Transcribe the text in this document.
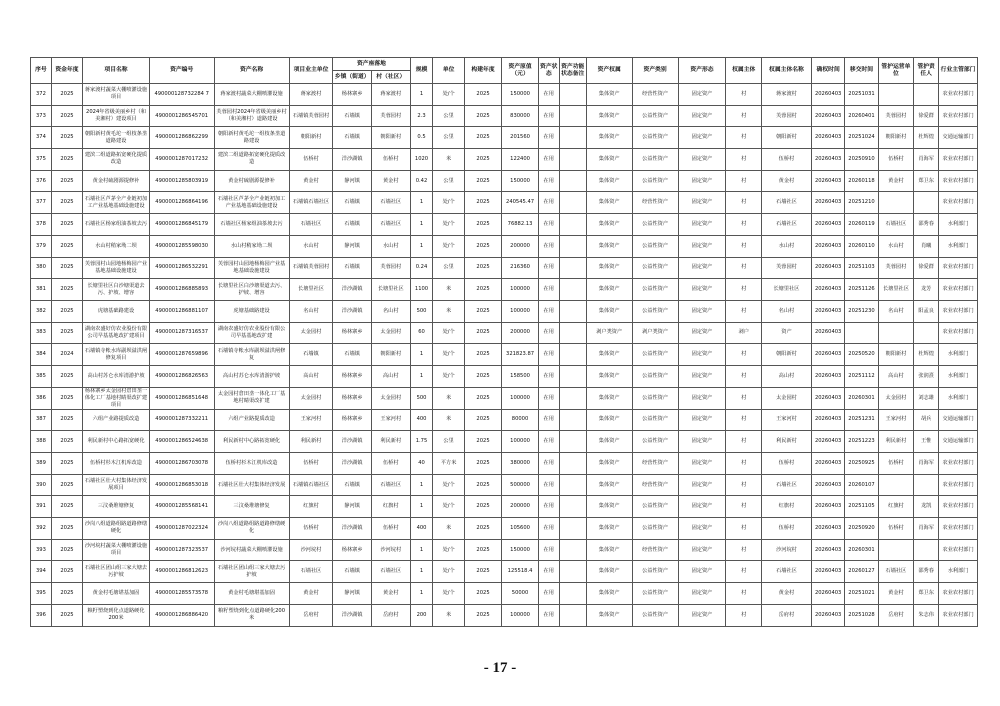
序号	资金年度	项目名称	资产编号	资产名称	项目业主单位	资产座落地		规模	单位	构建年度	资产原值（元）	资产状态	资产功能状态备注	资产权属	资产类别	资产形态	权属主体	权属主体名称	确权时间	移交时间	管护运营单位	管护责任人	行业主管部门
						乡镇（街道）	村（社区）																
372	2025	蒋家渡村蔬菜大棚喷灌设施项目	490000128732284 7	蒋家渡村蔬菜大棚喷灌设施	蒋家渡村	杨林寨乡	蒋家渡村	1	处/个	2025	150000	在用		集体资产	经营性资产	固定资产	村	蒋家渡村	20260403	20251031			农业农村部门
373	2025	2024年省级美丽乡村（和美湘村）建设项目	4900001286545701	芙蓉园村2024年省级美丽乡村（和美湘村）道路建设	石墙镇芙蓉园村	石墙镇	芙蓉园村	2.3	公里	2025	830000	在用		集体资产	公益性资产	固定资产	村	芙蓉园村	20260403	20260401	芙蓉园村	徐爱群	农业农村部门
374	2025	朝阳新村黄毛坨一组枝条垄道路建设	4900001286862299	朝阳新村黄毛坨一组枝条垄道路建设	朝阳新村	石墙镇	朝阳新村	0.5	公里	2025	201560	在用		集体资产	公益性资产	固定资产	村	朝阳新村	20260403	20251024	朝阳新村	杜辉煌	交通运输部门
375	2025	建滨二组道路拓宽硬化提质改造	4900001287017232	建滨二组道路拓宽硬化提质改造	伍桥村	洋沙湖镇	伍桥村	1020	米	2025	122400	在用		集体资产	公益性资产	固定资产	村	伍桥村	20260403	20250910	伍桥村	肖海军	农业农村部门
376	2025	黄金村硫剧源提修补	4900001285803919	黄金村硫剧源提修补	黄金村	静河镇	黄金村	0.42	公里	2025	150000	在用		集体资产	公益性资产	固定资产	村	黄金村	20260403	20260118	黄金村	郑卫东	农业农村部门
377	2025	石墙社区芦茅全产业链初加工产业基地基础设施建设	4900001286864196	石墙社区芦茅全产业链初加工产业基地基础设施建设	石墙镇石墙社区	石墙镇	石墙社区	1	处/个	2025	240545.47	在用		集体资产	经营性资产	固定资产	村	石墙社区	20260403	20251210			农业农村部门
378	2025	石墙社区杨家组油茶坡去污	4900001286845179	石墙社区杨家组油茶坡去污	石墙社区	石墙镇	石墙社区	1	处/个	2025	76882.13	在用		集体资产	公益性资产	固定资产	村	石墙社区	20260403	20260119	石墙社区	邵秀春	水利部门
379	2025	水山村稍家坳二坝	4900001285598030	水山村稍家坳二坝	水山村	静河镇	水山村	1	处/个	2025	200000	在用		集体资产	公益性资产	固定资产	村	水山村	20260403	20260110	水山村	肖曦	水利部门
380	2025	芙蓉园村山园地杨梅园产业基地基础设施建设	4900001286532291	芙蓉园村山园地杨梅园产业基地基础设施建设	石墙镇芙蓉园村	石墙镇	芙蓉园村	0.24	公里	2025	216360	在用		集体资产	公益性资产	固定资产	村	芙蓉园村	20260403	20251103	芙蓉园村	徐爱群	农业农村部门
381	2025	长塘里社区白沙塘渠道去污、护坡、增容	4900001286885893	长塘里社区白沙塘渠道去污、护坡、增容	长塘里社区	洋沙湖镇	长塘里社区	1100	米	2025	100000	在用		集体资产	公益性资产	固定资产	村	长塘里社区	20260403	20251126	长塘里社区	龙芳	农业农村部门
382	2025	虎塘基础路建设	4900001286881107	虎塘基础路建设	名山村	洋沙湖镇	名山村	500	米	2025	100000	在用		集体资产	公益性资产	固定资产	村	名山村	20260403	20251230	名山村	阳孟良	农业农村部门
383	2025	湖南农盛好仿农业股份有限公司早基基地改扩建项目	4900001287316537	湖南农盛好仿农业股份有限公司早基基地改扩建	太金园村	杨林寨乡	太金园村	60	处/个	2025	200000	在用		剥户类资产	剥户类资产	固定资产	剥户	资产	20260403				农业农村部门
384	2024	石墙镇寺帐水库副坝溢洪闸修复项目	4900001287659896	石墙镇寺帐水库副坝溢洪闸修复	石墙镇	石墙镇	朝阳新村	1	处/个	2025	321823.87	在用		集体资产	公益性资产	固定资产	村	朝阳新村	20260403	20250520	朝阳新村	杜辉煌	水利部门
385	2025	高山村苏仑水库清游护坡	4900001286826563	高山村苏仑水库清游护坡	高山村	杨林寨乡	高山村	1	处/个	2025	158500	在用		集体资产	公益性资产	固定资产	村	高山村	20260403	20251112	高山村	张润熹	水利部门
386	2025	杨林寨乡太金园村倉田垄一体化工厂基地村睛渠改扩建项目	4900001286851648	太金园村倉田垄一体化工厂基地村睛渠改扩建	太金园村	杨林寨乡	太金园村	500	米	2025	100000	在用		集体资产	公益性资产	固定资产	村	太金园村	20260403	20260301	太金园村	刘志雄	水利部门
387	2025	六组产业路提质改造	4900001287332211	六组产业路提质改造	王家河村	杨林寨乡	王家河村	400	米	2025	80000	在用		集体资产	公益性资产	固定资产	村	王家河村	20260403	20251231	王家河村	胡兵	交通运输部门
388	2025	利民新村中心路拓宽硬化	4900001286524638	利民新村中心路拓宽硬化	利民新村	洋沙湖镇	利民新村	1.75	公里	2025	100000	在用		集体资产	公益性资产	固定资产	村	利民新村	20260403	20251223	利民新村	王惟	交通运输部门
389	2025	伍桥村杉木江机库改造	4900001286703078	伍桥村杉木江机库改造	伍桥村	洋沙湖镇	伍桥村	40	平方米	2025	380000	在用		集体资产	经营性资产	固定资产	村	伍桥村	20260403	20250925	伍桥村	肖海军	农业农村部门
390	2025	石墙社区壮大村集体经济发展项目	4900001286853018	石墙社区壮大村集体经济发展	石墙镇石墙社区	石墙镇	石墙社区	1	处/个	2025	500000	在用		集体资产	经营性资产	固定资产	村	石墙社区	20260403	20260107			农业农村部门
391	2025	三汶桑堆塘修复	4900001285568141	三汶桑堆塘修复	红旗村	静河镇	红旗村	1	处/个	2025	200000	在用		集体资产	公益性资产	固定资产	村	红旗村	20260403	20251105	红旗村	龙凯	农业农村部门
392	2025	沙岗八组道路组路道路修缮硬化	4900001287022324	沙岗八组道路组路道路修缮硬化	伍桥村	洋沙湖镇	伍桥村	400	米	2025	105600	在用		集体资产	公益性资产	固定资产	村	伍桥村	20260403	20250920	伍桥村	肖海军	农业农村部门
393	2025	沙河垸村蔬菜大棚喷灌设施项目	4900001287323537	沙河垸村蔬菜大棚喷灌设施	沙河垸村	杨林寨乡	沙河垸村	1	处/个	2025	150000	在用		集体资产	经营性资产	固定资产	村	沙河垸村	20260403	20260301			农业农村部门
394	2025	石墙社区团山组三家大塘去污护坡	4900001286812623	石墙社区团山组三家大塘去污护坡	石墙社区	石墙镇	石墙社区	1	处/个	2025	125518.4	在用		集体资产	公益性资产	固定资产	村	石墙社区	20260403	20260127	石墙社区	邵秀春	水利部门
395	2025	黄金村毛塘堪基加固	4900001285573578	黄金村毛塘堪基加固	黄金村	静河镇	黄金村	1	处/个	2025	50000	在用		集体资产	公益性资产	固定资产	村	黄金村	20260403	20251021	黄金村	郑卫东	农业农村部门
396	2025	粮籽塑烧到化点道路硬化200米	4900001286886420	粮籽塑烧到化点道路硬化200米	岳府村	洋沙湖镇	岳府村	200	米	2025	100000	在用		集体资产	公益性资产	固定资产	村	岳府村	20260403	20251028	岳府村	朱志伟	农业农村部门
- 17 -
